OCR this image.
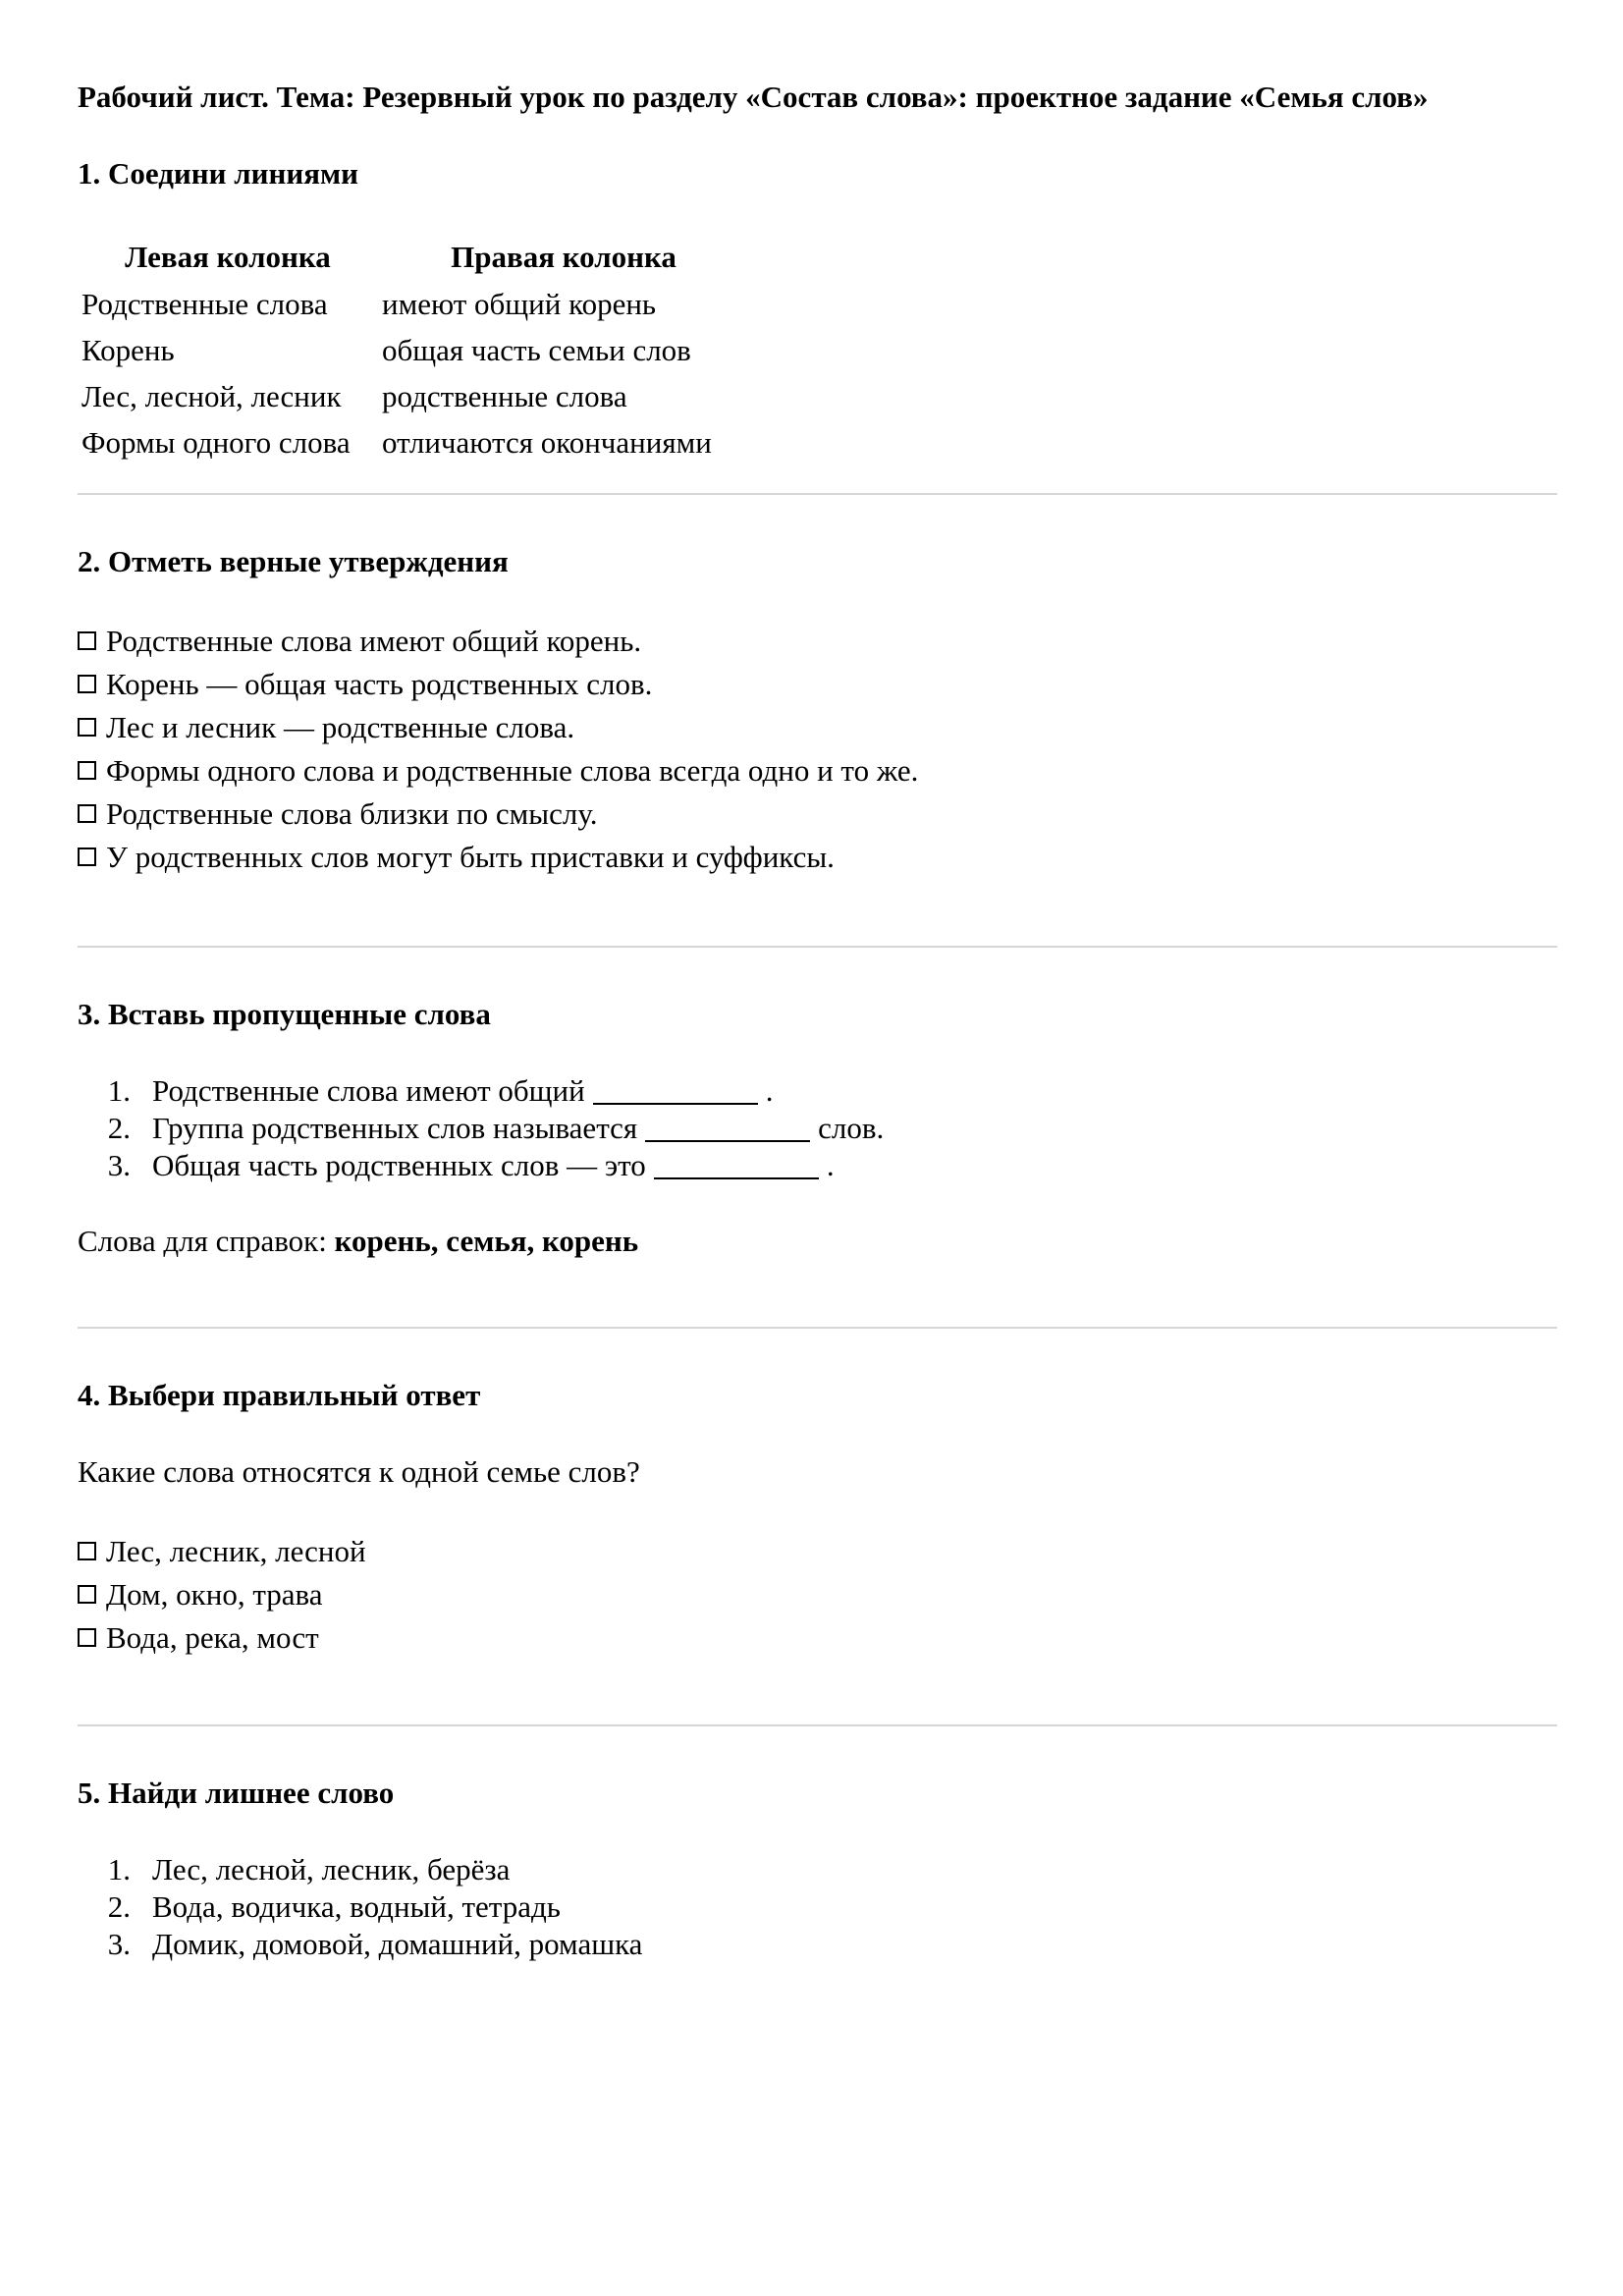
Рабочий лист. Тема: Резервный урок по разделу «Состав слова»: проектное задание «Семья слов»
1. Соедини линиями
Левая колонка	Правая колонка
Родственные слова	имеют общий корень
Корень	общая часть семьи слов
Лес, лесной, лесник	родственные слова
Формы одного слова	отличаются окончаниями
2. Отметь верные утверждения
Родственные слова имеют общий корень.
Корень — общая часть родственных слов.
Лес и лесник — родственные слова.
Формы одного слова и родственные слова всегда одно и то же.
Родственные слова близки по смыслу.
У родственных слов могут быть приставки и суффиксы.
3. Вставь пропущенные слова
1. Родственные слова имеют общий	.
2. Группа родственных слов называется	слов.
3. Общая часть родственных слов — это	.
Слова для справок: корень, семья, корень
4. Выбери правильный ответ
Какие слова относятся к одной семье слов?
Лес, лесник, лесной
Дом, окно, трава
Вода, река, мост
5. Найди лишнее слово
1. Лес, лесной, лесник, берёза
2. Вода, водичка, водный, тетрадь
3. Домик, домовой, домашний, ромашка
